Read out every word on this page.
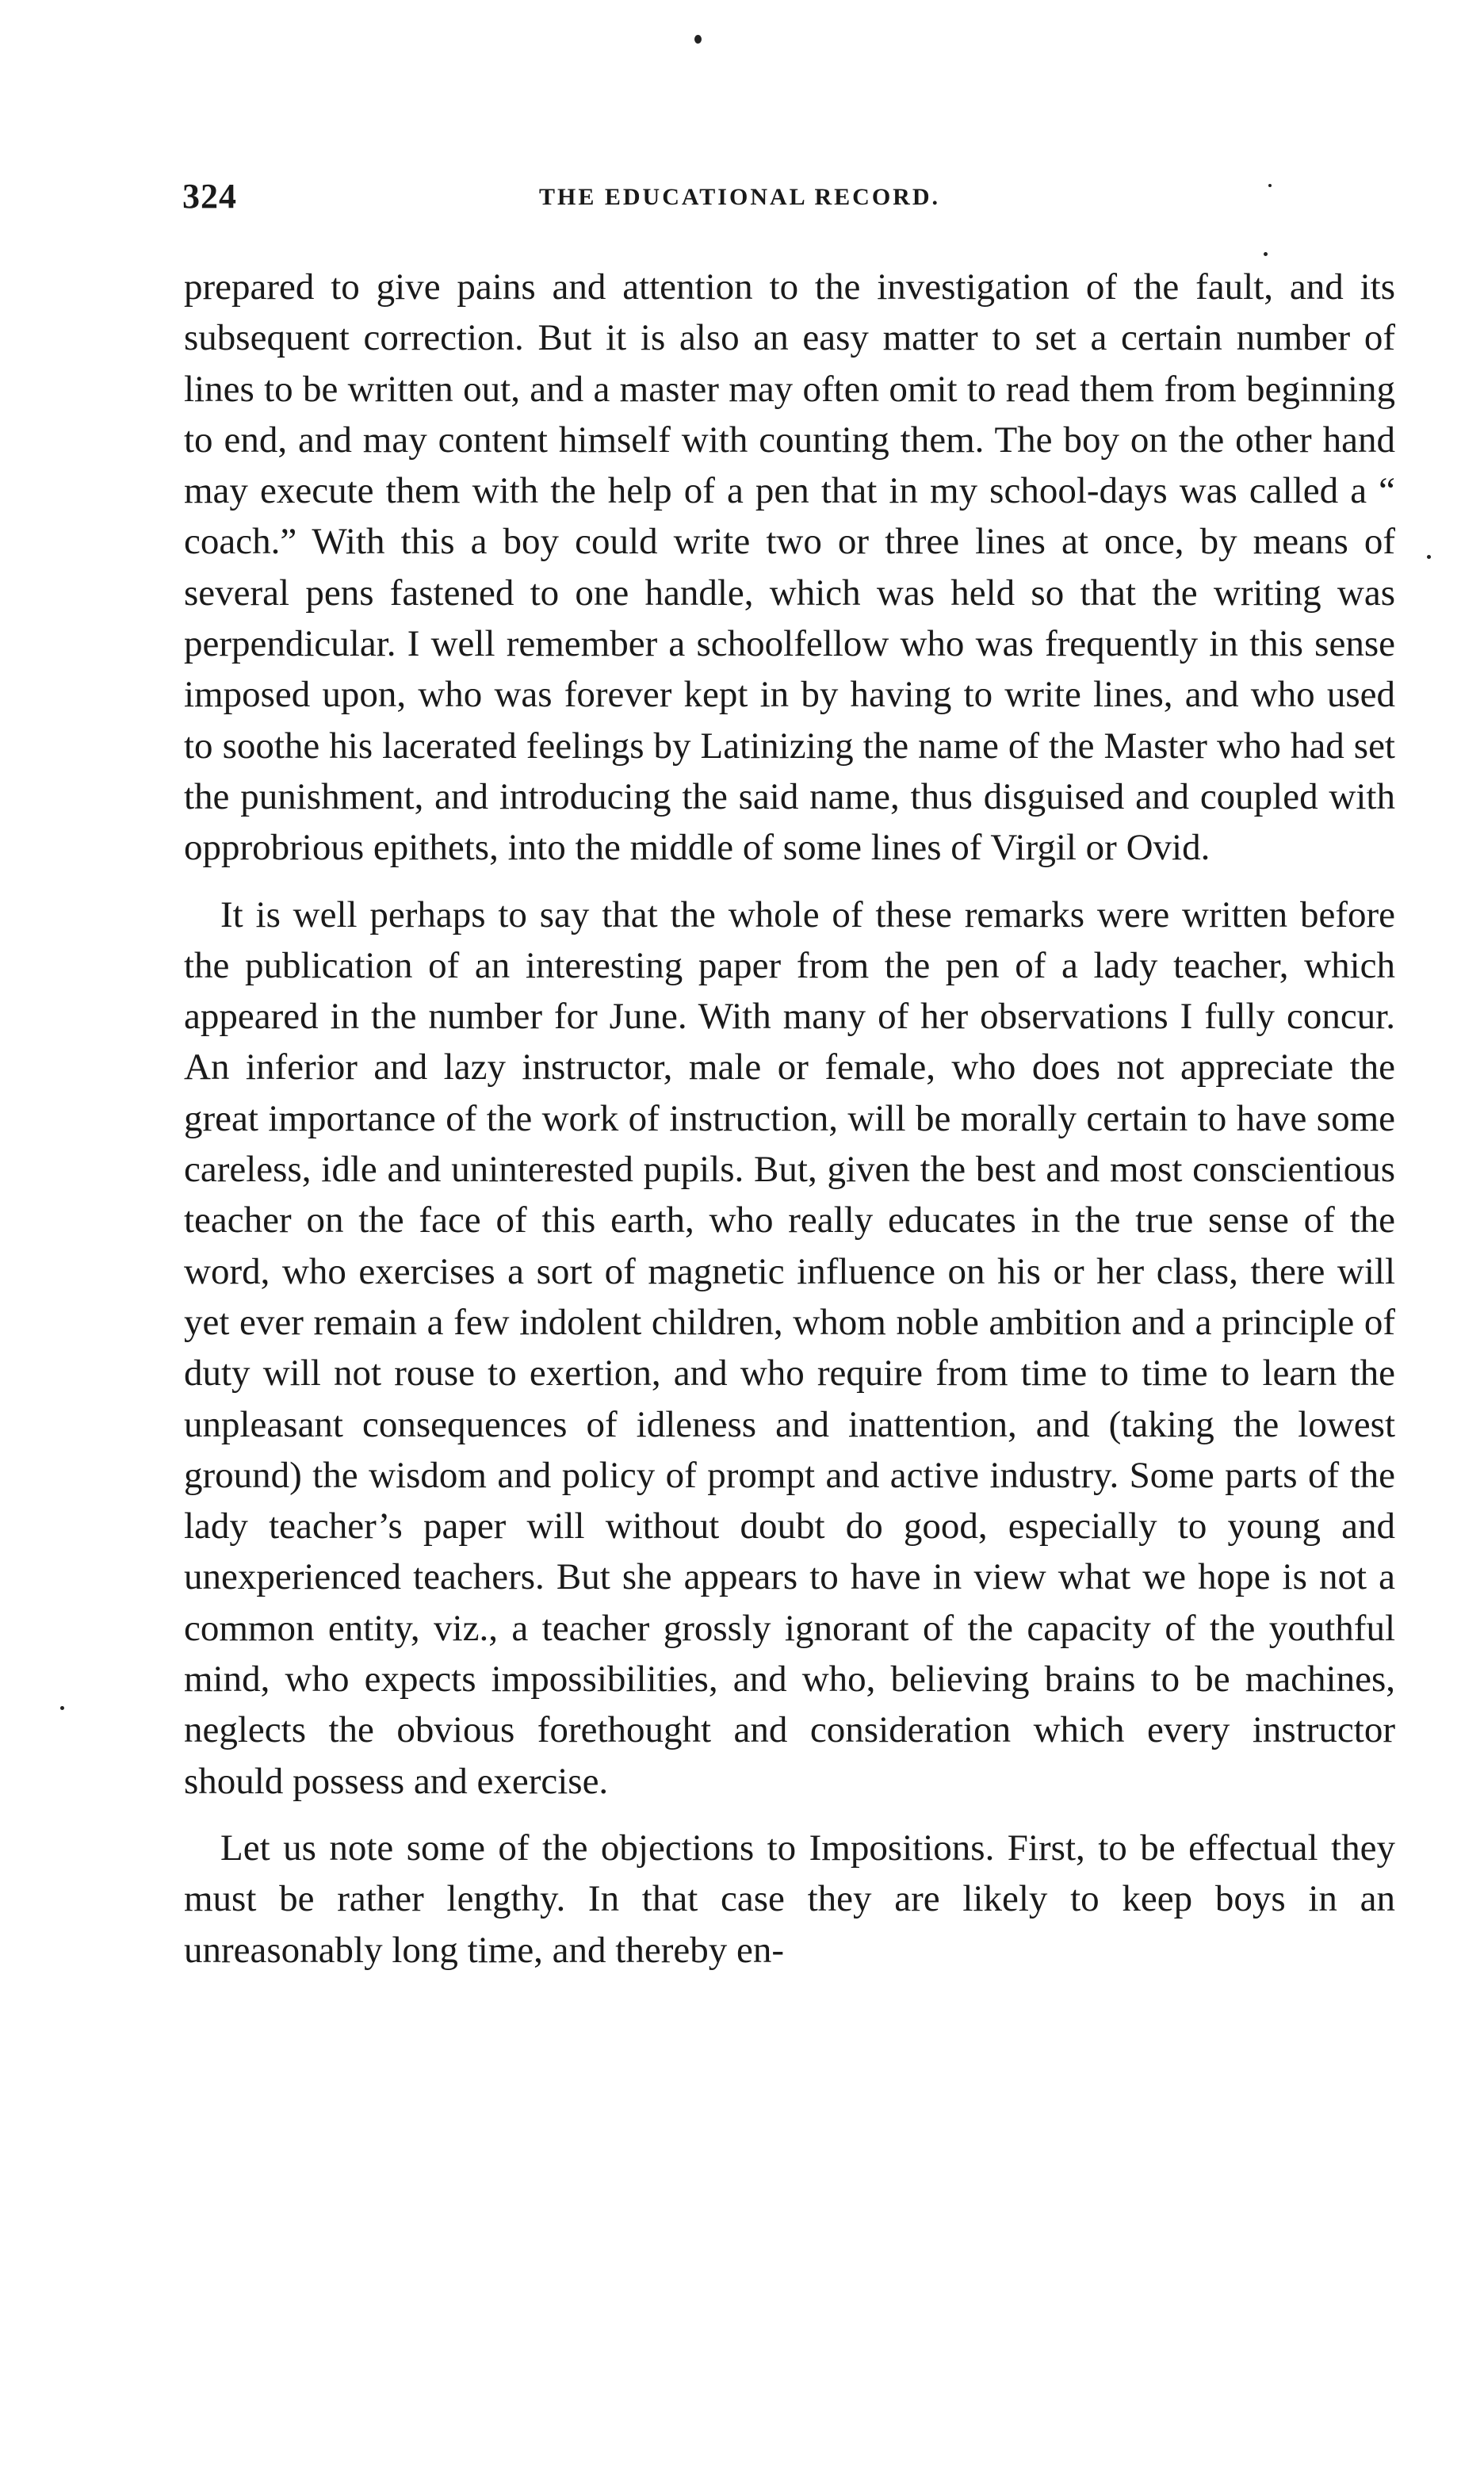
324	THE EDUCATIONAL RECORD.

prepared to give pains and attention to the investigation of the fault, and its subsequent correction. But it is also an easy matter to set a certain number of lines to be written out, and a master may often omit to read them from beginning to end, and may content himself with counting them. The boy on the other hand may execute them with the help of a pen that in my school-days was called a “ coach.” With this a boy could write two or three lines at once, by means of several pens fastened to one handle, which was held so that the writing was perpendicular. I well remember a schoolfellow who was frequently in this sense imposed upon, who was forever kept in by having to write lines, and who used to soothe his lacerated feelings by Latinizing the name of the Master who had set the punishment, and introducing the said name, thus disguised and coupled with opprobrious epithets, into the middle of some lines of Virgil or Ovid.

It is well perhaps to say that the whole of these remarks were written before the publication of an interesting paper from the pen of a lady teacher, which appeared in the number for June. With many of her observations I fully concur. An inferior and lazy instructor, male or female, who does not appreciate the great importance of the work of instruction, will be morally certain to have some careless, idle and uninterested pupils. But, given the best and most conscientious teacher on the face of this earth, who really educates in the true sense of the word, who exercises a sort of magnetic influence on his or her class, there will yet ever remain a few indolent children, whom noble ambition and a principle of duty will not rouse to exertion, and who require from time to time to learn the unpleasant consequences of idleness and inattention, and (taking the lowest ground) the wisdom and policy of prompt and active industry. Some parts of the lady teacher’s paper will without doubt do good, especially to young and unexperienced teachers. But she appears to have in view what we hope is not a common entity, viz., a teacher grossly ignorant of the capacity of the youthful mind, who expects impossibilities, and who, believing brains to be machines, neglects the obvious forethought and consideration which every instructor should possess and exercise.

Let us note some of the objections to Impositions. First, to be effectual they must be rather lengthy. In that case they are likely to keep boys in an unreasonably long time, and thereby en-
